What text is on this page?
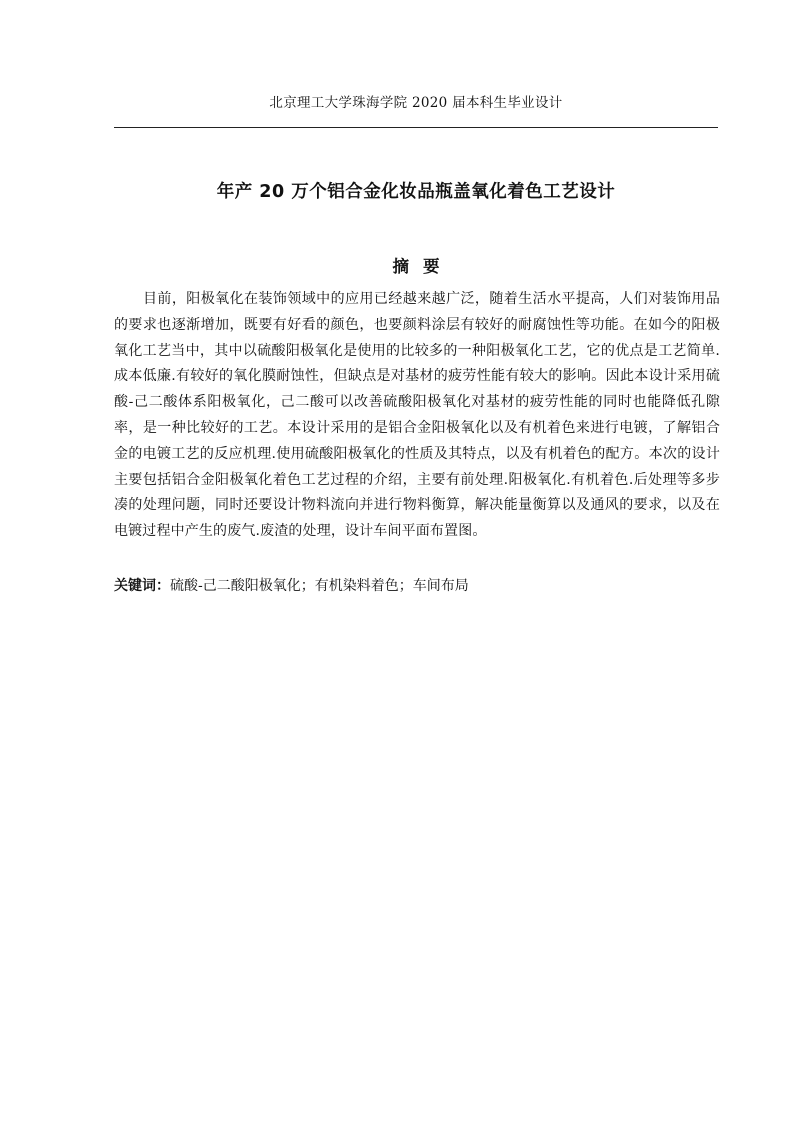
北京理工大学珠海学院 2020 届本科生毕业设计
年产 20 万个铝合金化妆品瓶盖氧化着色工艺设计
摘要

目前，阳极氧化在装饰领域中的应用已经越来越广泛，随着生活水平提高，人们对装饰用品的要求也逐渐增加，既要有好看的颜色，也要颜料涂层有较好的耐腐蚀性等功能。在如今的阳极氧化工艺当中，其中以硫酸阳极氧化是使用的比较多的一种阳极氧化工艺，它的优点是工艺简单.成本低廉.有较好的氧化膜耐蚀性，但缺点是对基材的疲劳性能有较大的影响。因此本设计采用硫酸-己二酸体系阳极氧化，己二酸可以改善硫酸阳极氧化对基材的疲劳性能的同时也能降低孔隙率，是一种比较好的工艺。本设计采用的是铝合金阳极氧化以及有机着色来进行电镀，了解铝合金的电镀工艺的反应机理.使用硫酸阳极氧化的性质及其特点，以及有机着色的配方。本次的设计主要包括铝合金阳极氧化着色工艺过程的介绍，主要有前处理.阳极氧化.有机着色.后处理等多步凑的处理问题，同时还要设计物料流向并进行物料衡算，解决能量衡算以及通风的要求，以及在电镀过程中产生的废气.废渣的处理，设计车间平面布置图。

关键词：硫酸-己二酸阳极氧化；有机染料着色；车间布局
